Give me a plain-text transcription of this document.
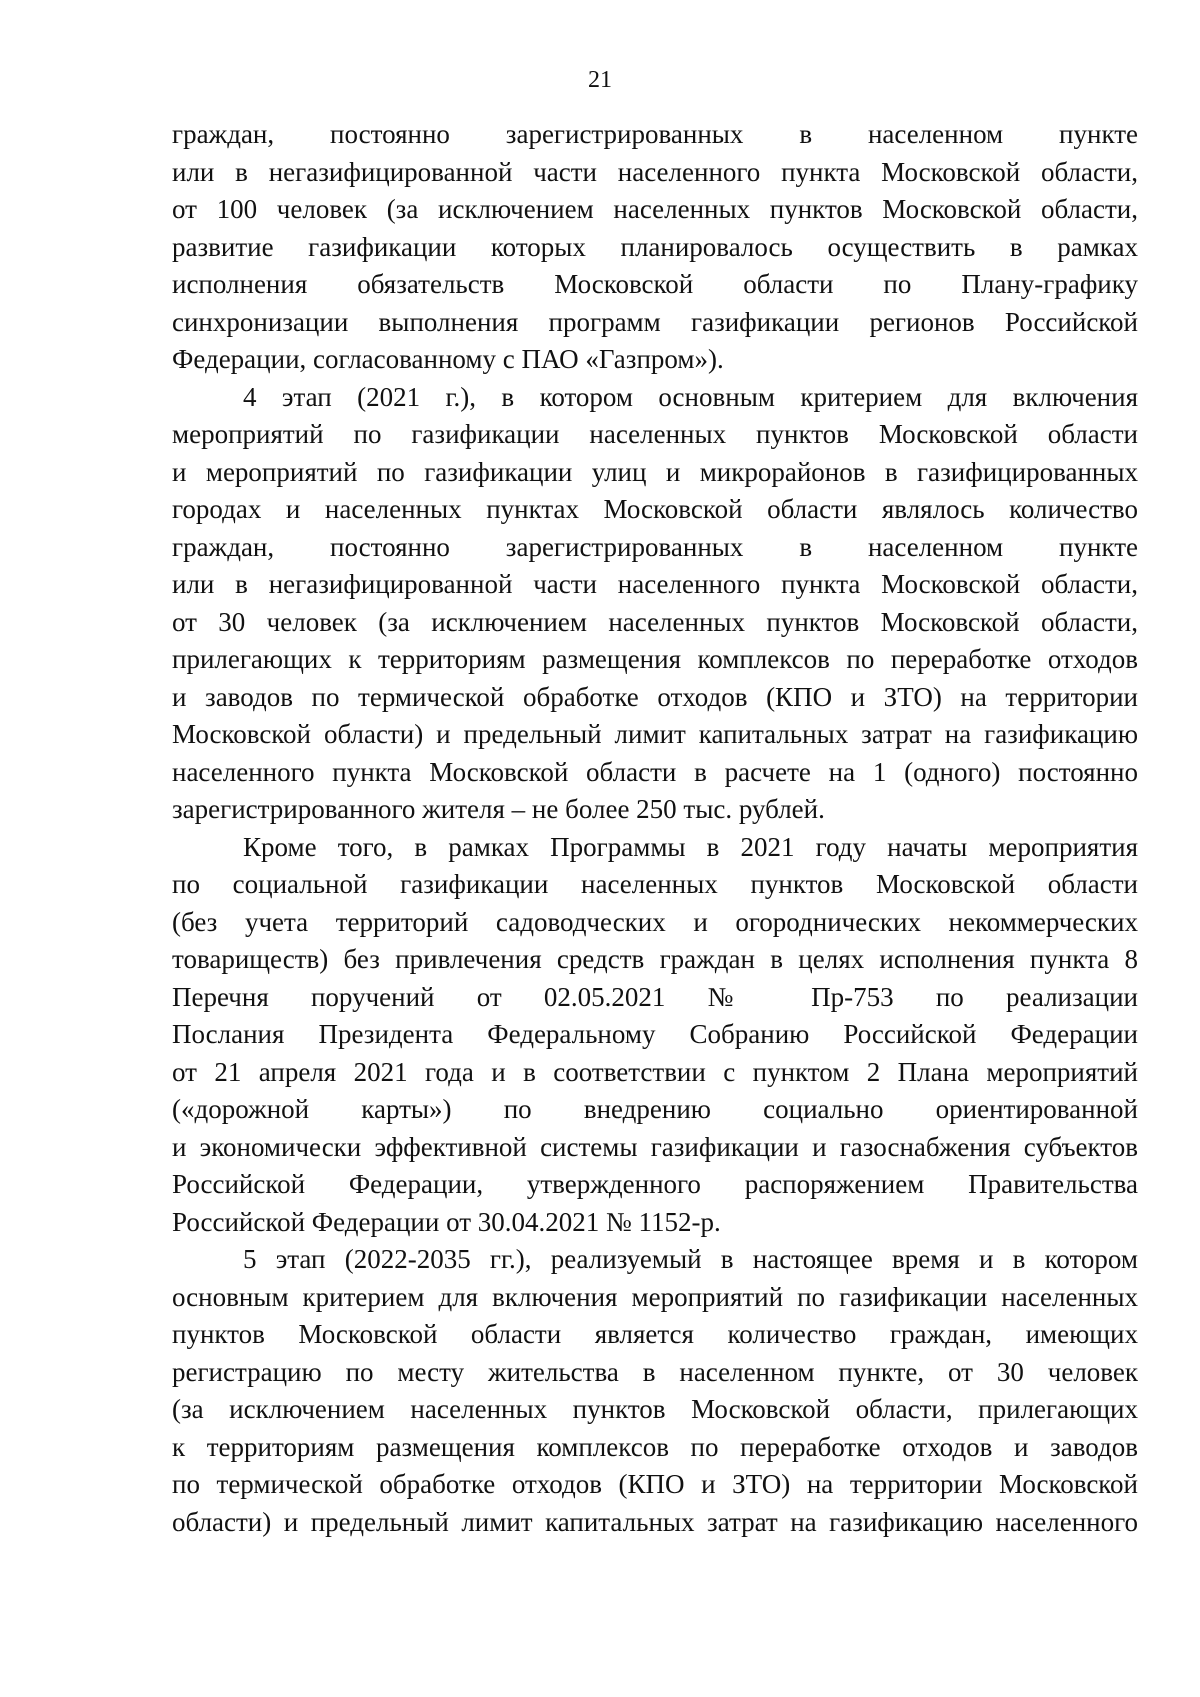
21
граждан, постоянно зарегистрированных в населенном пункте
или в негазифицированной части населенного пункта Московской области,
от 100 человек (за исключением населенных пунктов Московской области,
развитие газификации которых планировалось осуществить в рамках
исполнения обязательств Московской области по Плану-графику
синхронизации выполнения программ газификации регионов Российской
Федерации, согласованному с ПАО «Газпром»).
4 этап (2021 г.), в котором основным критерием для включения
мероприятий по газификации населенных пунктов Московской области
и мероприятий по газификации улиц и микрорайонов в газифицированных
городах и населенных пунктах Московской области являлось количество
граждан, постоянно зарегистрированных в населенном пункте
или в негазифицированной части населенного пункта Московской области,
от 30 человек (за исключением населенных пунктов Московской области,
прилегающих к территориям размещения комплексов по переработке отходов
и заводов по термической обработке отходов (КПО и ЗТО) на территории
Московской области) и предельный лимит капитальных затрат на газификацию
населенного пункта Московской области в расчете на 1 (одного) постоянно
зарегистрированного жителя – не более 250 тыс. рублей.
Кроме того, в рамках Программы в 2021 году начаты мероприятия
по социальной газификации населенных пунктов Московской области
(без учета территорий садоводческих и огороднических некоммерческих
товариществ) без привлечения средств граждан в целях исполнения пункта 8
Перечня поручений от 02.05.2021 № Пр-753 по реализации
Послания Президента Федеральному Собранию Российской Федерации
от 21 апреля 2021 года и в соответствии с пунктом 2 Плана мероприятий
(«дорожной карты») по внедрению социально ориентированной
и экономически эффективной системы газификации и газоснабжения субъектов
Российской Федерации, утвержденного распоряжением Правительства
Российской Федерации от 30.04.2021 № 1152-р.
5 этап (2022-2035 гг.), реализуемый в настоящее время и в котором
основным критерием для включения мероприятий по газификации населенных
пунктов Московской области является количество граждан, имеющих
регистрацию по месту жительства в населенном пункте, от 30 человек
(за исключением населенных пунктов Московской области, прилегающих
к территориям размещения комплексов по переработке отходов и заводов
по термической обработке отходов (КПО и ЗТО) на территории Московской
области) и предельный лимит капитальных затрат на газификацию населенного
